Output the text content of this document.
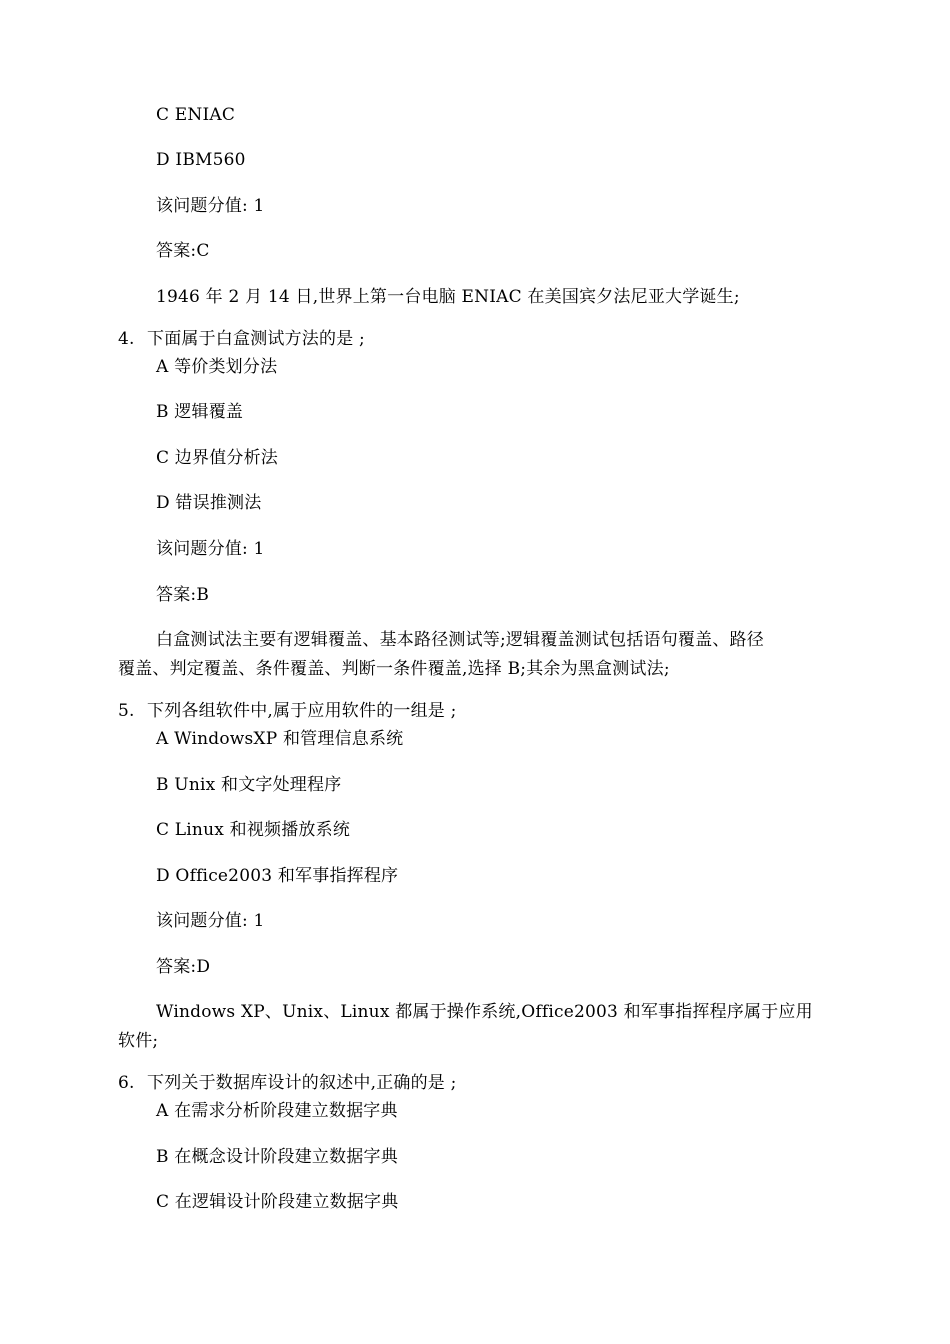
C ENIAC
D IBM560
该问题分值: 1
答案:C
1946 年 2 月 14 日,世界上第一台电脑 ENIAC 在美国宾夕法尼亚大学诞生;
4. 下面属于白盒测试方法的是 ;
A 等价类划分法
B 逻辑覆盖
C 边界值分析法
D 错误推测法
该问题分值: 1
答案:B
白盒测试法主要有逻辑覆盖、基本路径测试等;逻辑覆盖测试包括语句覆盖、路径
覆盖、判定覆盖、条件覆盖、判断一条件覆盖,选择 B;其余为黑盒测试法;
5. 下列各组软件中,属于应用软件的一组是 ;
A WindowsXP 和管理信息系统
B Unix 和文字处理程序
C Linux 和视频播放系统
D Office2003 和军事指挥程序
该问题分值: 1
答案:D
Windows XP、Unix、Linux 都属于操作系统,Office2003 和军事指挥程序属于应用
软件;
6. 下列关于数据库设计的叙述中,正确的是 ;
A 在需求分析阶段建立数据字典
B 在概念设计阶段建立数据字典
C 在逻辑设计阶段建立数据字典
